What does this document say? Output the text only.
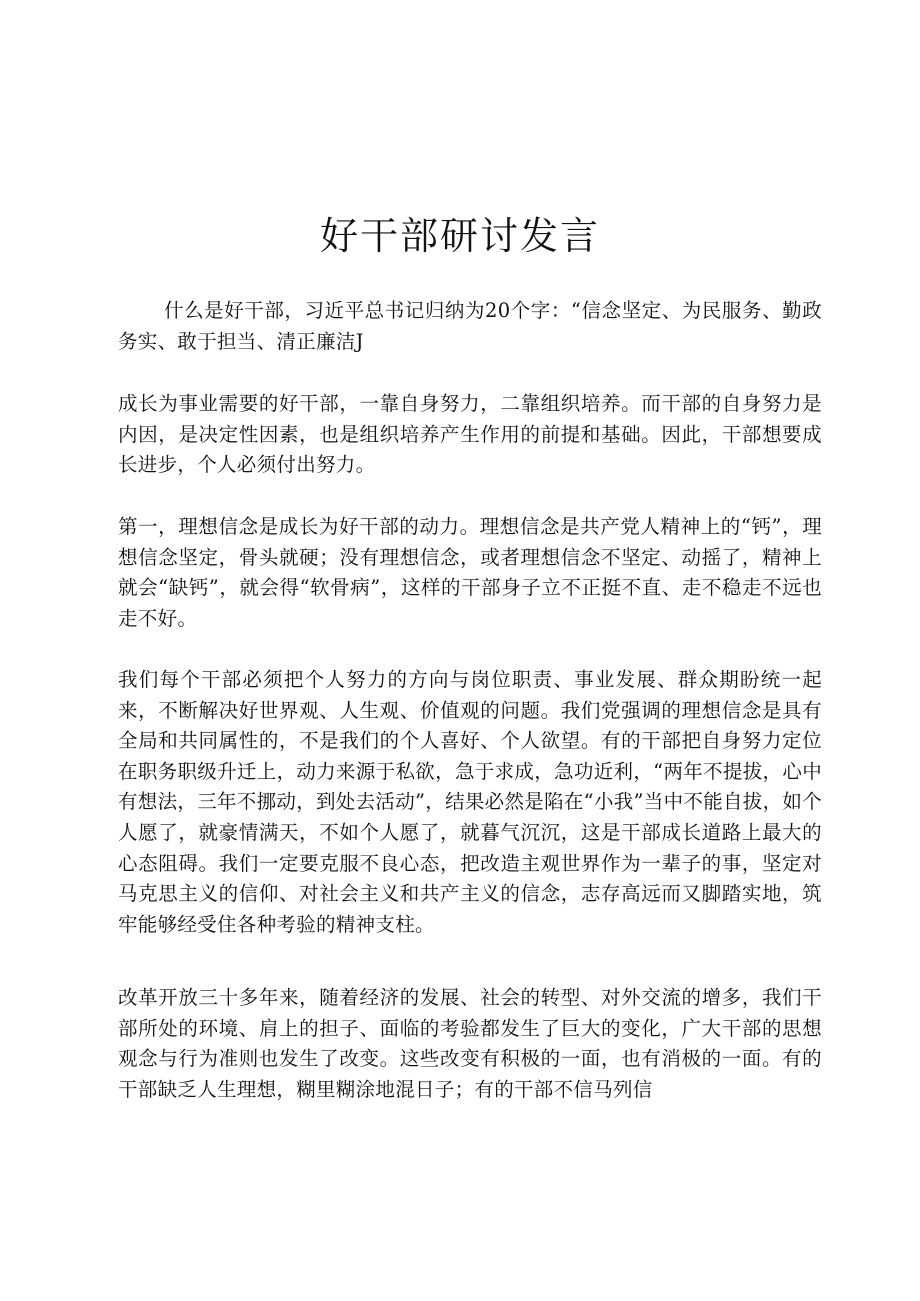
好干部研讨发言

什么是好干部，习近平总书记归纳为20个字：“信念坚定、为民服务、勤政务实、敢于担当、清正廉洁J

成长为事业需要的好干部，一靠自身努力，二靠组织培养。而干部的自身努力是内因，是决定性因素，也是组织培养产生作用的前提和基础。因此，干部想要成长进步，个人必须付出努力。

第一，理想信念是成长为好干部的动力。理想信念是共产党人精神上的“钙”，理想信念坚定，骨头就硬；没有理想信念，或者理想信念不坚定、动摇了，精神上就会“缺钙”，就会得“软骨病”，这样的干部身子立不正挺不直、走不稳走不远也走不好。

我们每个干部必须把个人努力的方向与岗位职责、事业发展、群众期盼统一起来，不断解决好世界观、人生观、价值观的问题。我们党强调的理想信念是具有全局和共同属性的，不是我们的个人喜好、个人欲望。有的干部把自身努力定位在职务职级升迁上，动力来源于私欲，急于求成，急功近利，“两年不提拔，心中有想法，三年不挪动，到处去活动”，结果必然是陷在“小我”当中不能自拔，如个人愿了，就豪情满天，不如个人愿了，就暮气沉沉，这是干部成长道路上最大的心态阻碍。我们一定要克服不良心态，把改造主观世界作为一辈子的事，坚定对马克思主义的信仰、对社会主义和共产主义的信念，志存高远而又脚踏实地，筑牢能够经受住各种考验的精神支柱。

改革开放三十多年来，随着经济的发展、社会的转型、对外交流的增多，我们干部所处的环境、肩上的担子、面临的考验都发生了巨大的变化，广大干部的思想观念与行为准则也发生了改变。这些改变有积极的一面，也有消极的一面。有的干部缺乏人生理想，糊里糊涂地混日子；有的干部不信马列信
